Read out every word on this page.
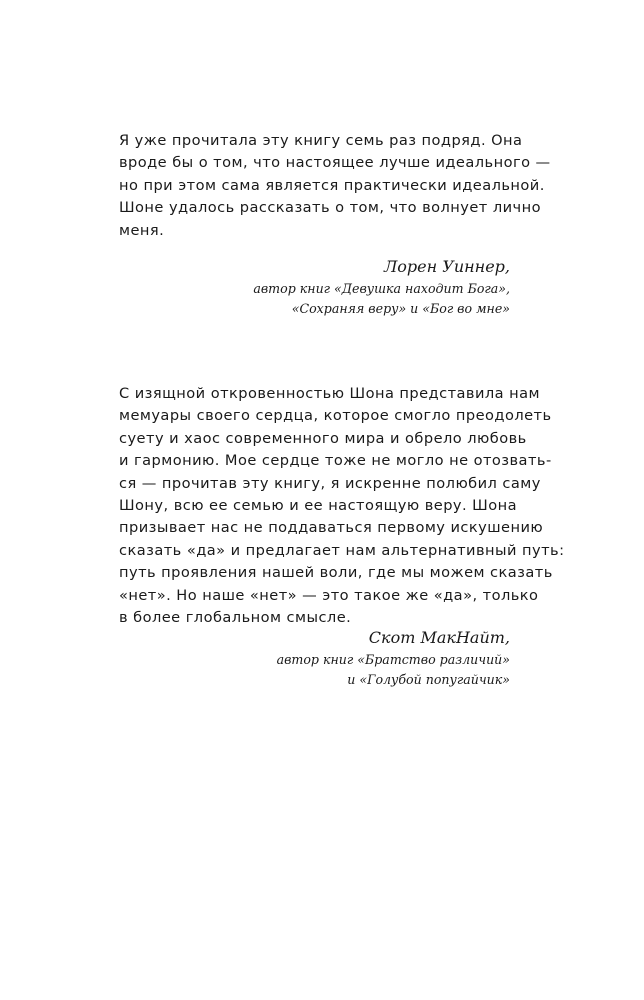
Я уже прочитала эту книгу семь раз подряд. Она
вроде бы о том, что настоящее лучше идеального —
но при этом сама является практически идеальной.
Шоне удалось рассказать о том, что волнует лично
меня.
Лорен Уиннер,
автор книг «Девушка находит Бога»,
«Сохраняя веру» и «Бог во мне»
С изящной откровенностью Шона представила нам
мемуары своего сердца, которое смогло преодолеть
суету и хаос современного мира и обрело любовь
и гармонию. Мое сердце тоже не могло не отозвать-
ся — прочитав эту книгу, я искренне полюбил саму
Шону, всю ее семью и ее настоящую веру. Шона
призывает нас не поддаваться первому искушению
сказать «да» и предлагает нам альтернативный путь:
путь проявления нашей воли, где мы можем сказать
«нет». Но наше «нет» — это такое же «да», только
в более глобальном смысле.
Скот МакНайт,
автор книг «Братство различий»
и «Голубой попугайчик»
